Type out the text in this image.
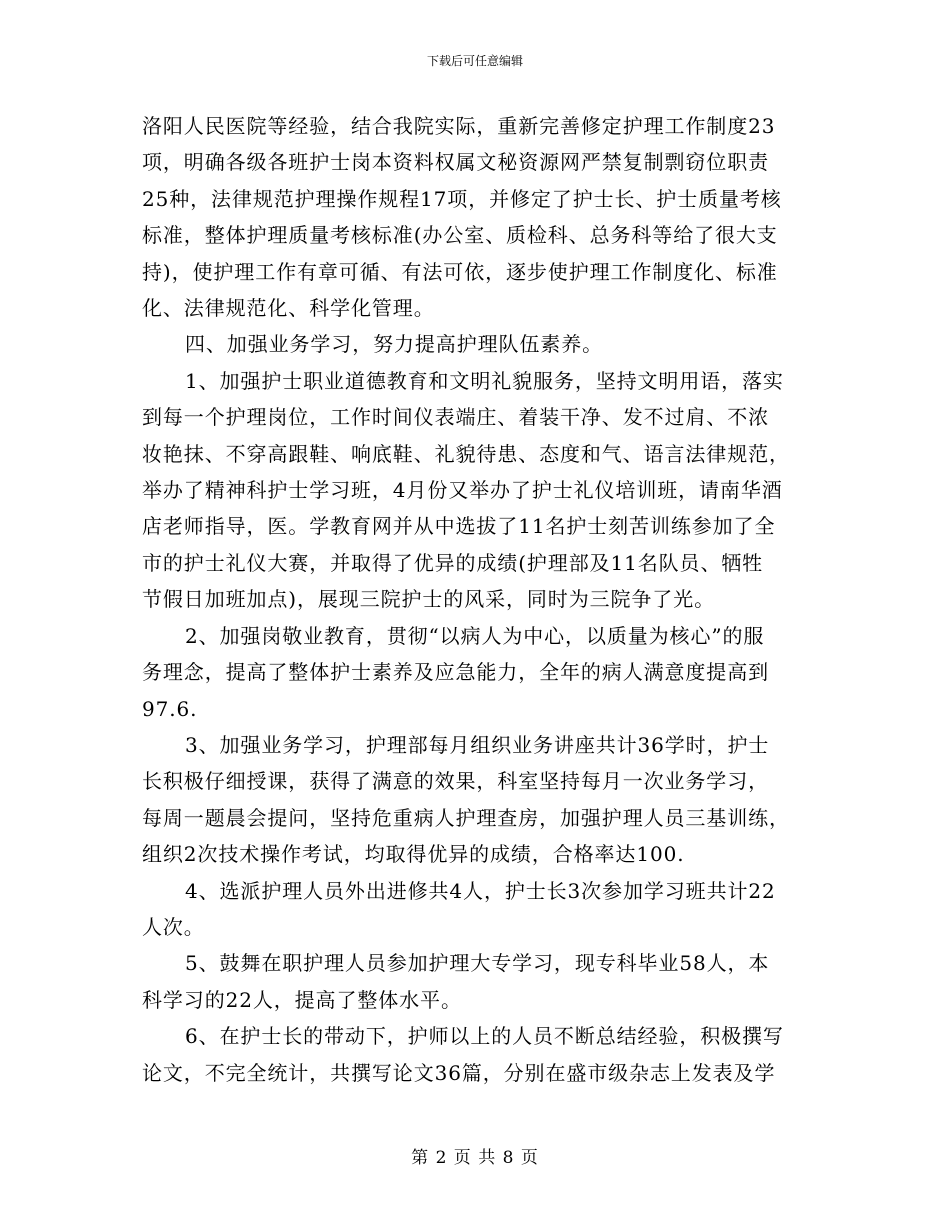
下载后可任意编辑

洛阳人民医院等经验，结合我院实际，重新完善修定护理工作制度23

项，明确各级各班护士岗本资料权属文秘资源网严禁复制剽窃位职责

25种，法律规范护理操作规程17项，并修定了护士长、护士质量考核

标准，整体护理质量考核标准(办公室、质检科、总务科等给了很大支

持)，使护理工作有章可循、有法可依，逐步使护理工作制度化、标准

化、法律规范化、科学化管理。

四、加强业务学习，努力提高护理队伍素养。

1、加强护士职业道德教育和文明礼貌服务，坚持文明用语，落实

到每一个护理岗位，工作时间仪表端庄、着装干净、发不过肩、不浓

妆艳抹、不穿高跟鞋、响底鞋、礼貌待患、态度和气、语言法律规范，

举办了精神科护士学习班，4月份又举办了护士礼仪培训班，请南华酒

店老师指导，医。学教育网并从中选拔了11名护士刻苦训练参加了全

市的护士礼仪大赛，并取得了优异的成绩(护理部及11名队员、牺牲

节假日加班加点)，展现三院护士的风采，同时为三院争了光。

2、加强岗敬业教育，贯彻“以病人为中心，以质量为核心”的服

务理念，提高了整体护士素养及应急能力，全年的病人满意度提高到

97.6.

3、加强业务学习，护理部每月组织业务讲座共计36学时，护士

长积极仔细授课，获得了满意的效果，科室坚持每月一次业务学习，

每周一题晨会提问，坚持危重病人护理查房，加强护理人员三基训练，

组织2次技术操作考试，均取得优异的成绩，合格率达100.

4、选派护理人员外出进修共4人，护士长3次参加学习班共计22

人次。

5、鼓舞在职护理人员参加护理大专学习，现专科毕业58人，本

科学习的22人，提高了整体水平。

6、在护士长的带动下，护师以上的人员不断总结经验，积极撰写

论文，不完全统计，共撰写论文36篇，分别在盛市级杂志上发表及学

第 2 页 共 8 页
